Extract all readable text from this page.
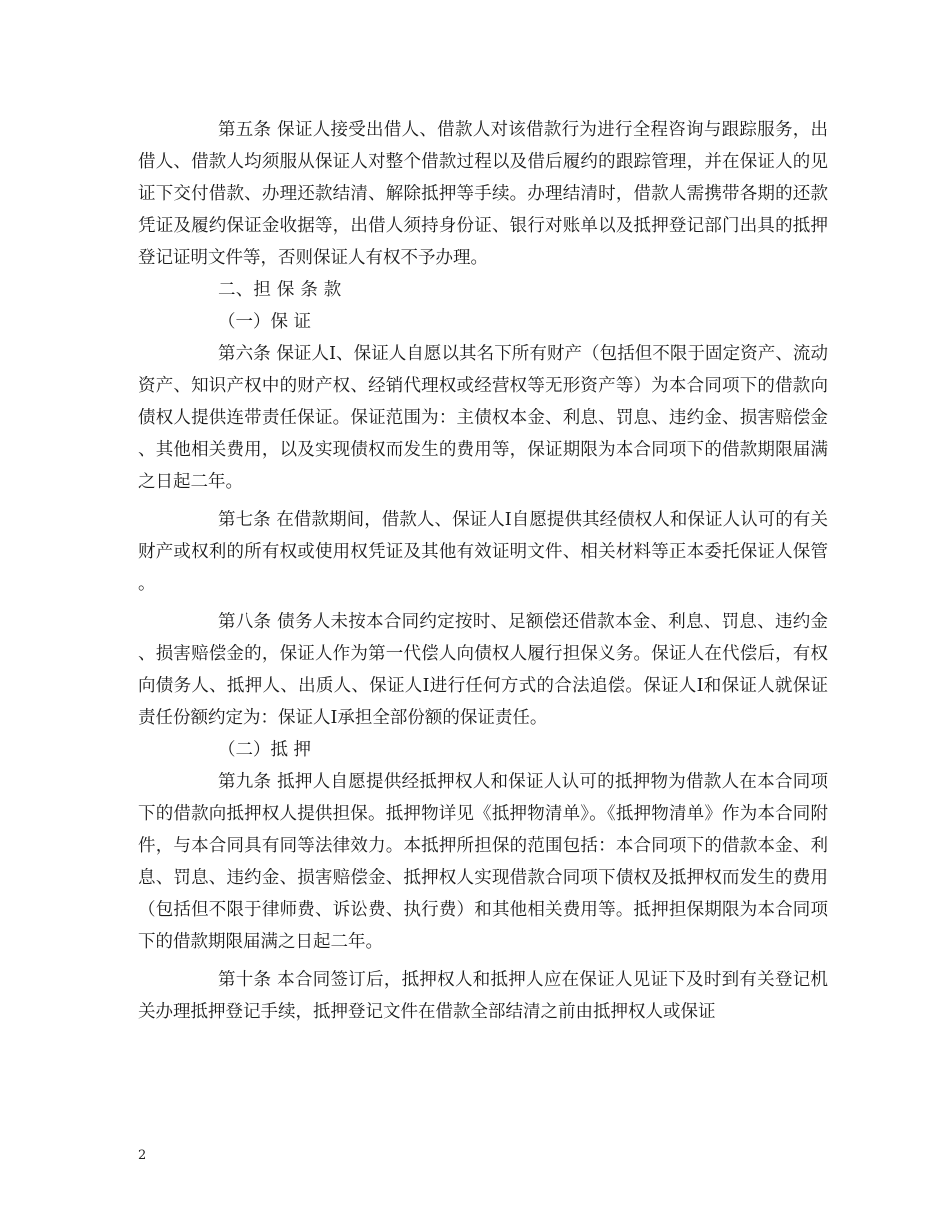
第五条 保证人接受出借人、借款人对该借款行为进行全程咨询与跟踪服务，出借人、借款人均须服从保证人对整个借款过程以及借后履约的跟踪管理，并在保证人的见证下交付借款、办理还款结清、解除抵押等手续。办理结清时，借款人需携带各期的还款凭证及履约保证金收据等，出借人须持身份证、银行对账单以及抵押登记部门出具的抵押登记证明文件等，否则保证人有权不予办理。

二、担 保 条 款

（一）保 证

第六条 保证人Ⅰ、保证人自愿以其名下所有财产（包括但不限于固定资产、流动资产、知识产权中的财产权、经销代理权或经营权等无形资产等）为本合同项下的借款向债权人提供连带责任保证。保证范围为：主债权本金、利息、罚息、违约金、损害赔偿金、其他相关费用，以及实现债权而发生的费用等，保证期限为本合同项下的借款期限届满之日起二年。

第七条 在借款期间，借款人、保证人Ⅰ自愿提供其经债权人和保证人认可的有关财产或权利的所有权或使用权凭证及其他有效证明文件、相关材料等正本委托保证人保管。

第八条 债务人未按本合同约定按时、足额偿还借款本金、利息、罚息、违约金、损害赔偿金的，保证人作为第一代偿人向债权人履行担保义务。保证人在代偿后，有权向债务人、抵押人、出质人、保证人Ⅰ进行任何方式的合法追偿。保证人Ⅰ和保证人就保证责任份额约定为：保证人Ⅰ承担全部份额的保证责任。

（二）抵 押

第九条 抵押人自愿提供经抵押权人和保证人认可的抵押物为借款人在本合同项下的借款向抵押权人提供担保。抵押物详见《抵押物清单》。《抵押物清单》作为本合同附件，与本合同具有同等法律效力。本抵押所担保的范围包括：本合同项下的借款本金、利息、罚息、违约金、损害赔偿金、抵押权人实现借款合同项下债权及抵押权而发生的费用（包括但不限于律师费、诉讼费、执行费）和其他相关费用等。抵押担保期限为本合同项下的借款期限届满之日起二年。

第十条 本合同签订后，抵押权人和抵押人应在保证人见证下及时到有关登记机关办理抵押登记手续，抵押登记文件在借款全部结清之前由抵押权人或保证

2
